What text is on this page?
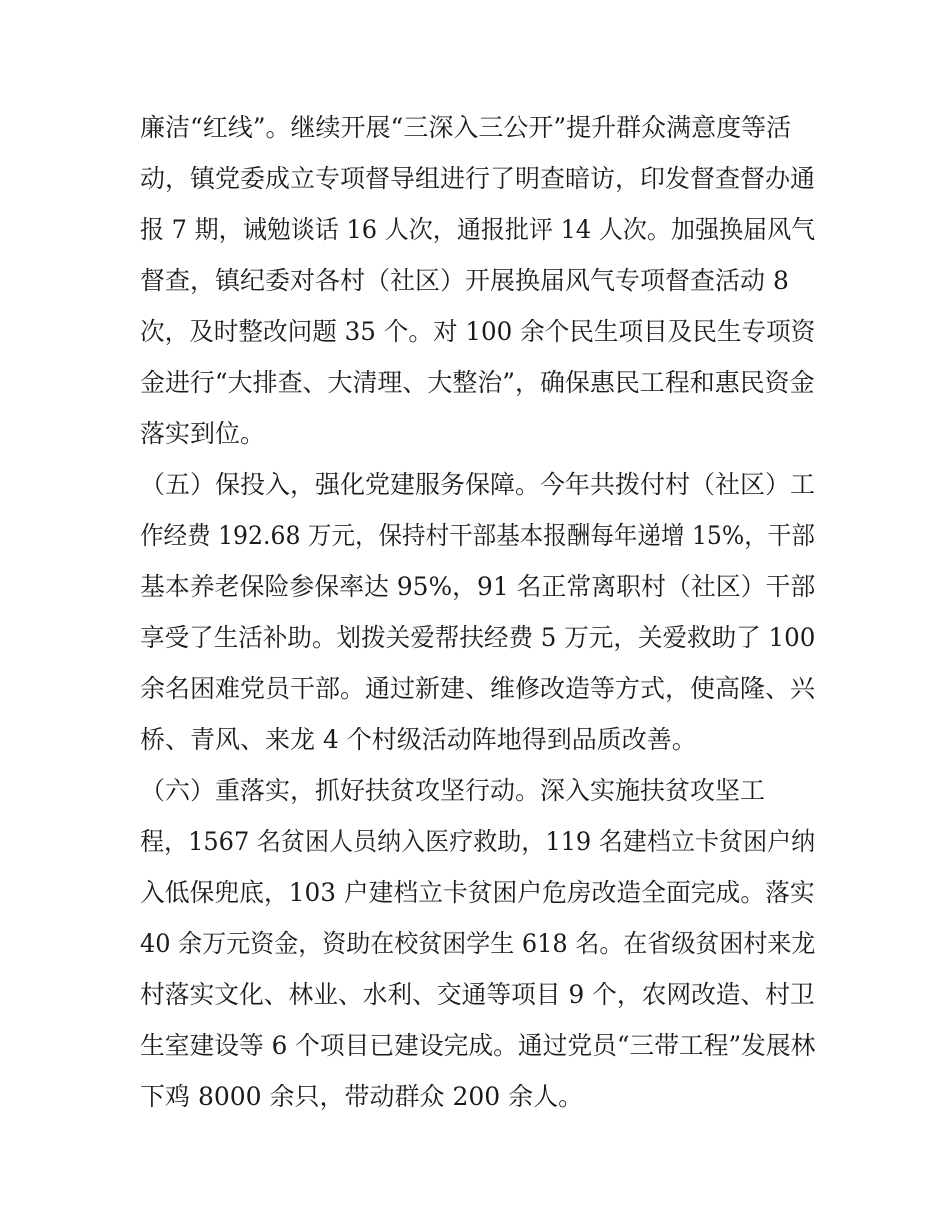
廉洁“红线”。继续开展“三深入三公开”提升群众满意度等活
动，镇党委成立专项督导组进行了明查暗访，印发督查督办通
报 7 期，诫勉谈话 16 人次，通报批评 14 人次。加强换届风气
督查，镇纪委对各村（社区）开展换届风气专项督查活动 8
次，及时整改问题 35 个。对 100 余个民生项目及民生专项资
金进行“大排查、大清理、大整治”，确保惠民工程和惠民资金
落实到位。
（五）保投入，强化党建服务保障。今年共拨付村（社区）工
作经费 192.68 万元，保持村干部基本报酬每年递增 15%，干部
基本养老保险参保率达 95%，91 名正常离职村（社区）干部
享受了生活补助。划拨关爱帮扶经费 5 万元，关爱救助了 100
余名困难党员干部。通过新建、维修改造等方式，使高隆、兴
桥、青风、来龙 4 个村级活动阵地得到品质改善。
（六）重落实，抓好扶贫攻坚行动。深入实施扶贫攻坚工
程，1567 名贫困人员纳入医疗救助，119 名建档立卡贫困户纳
入低保兜底，103 户建档立卡贫困户危房改造全面完成。落实
40 余万元资金，资助在校贫困学生 618 名。在省级贫困村来龙
村落实文化、林业、水利、交通等项目 9 个，农网改造、村卫
生室建设等 6 个项目已建设完成。通过党员“三带工程”发展林
下鸡 8000 余只，带动群众 200 余人。
